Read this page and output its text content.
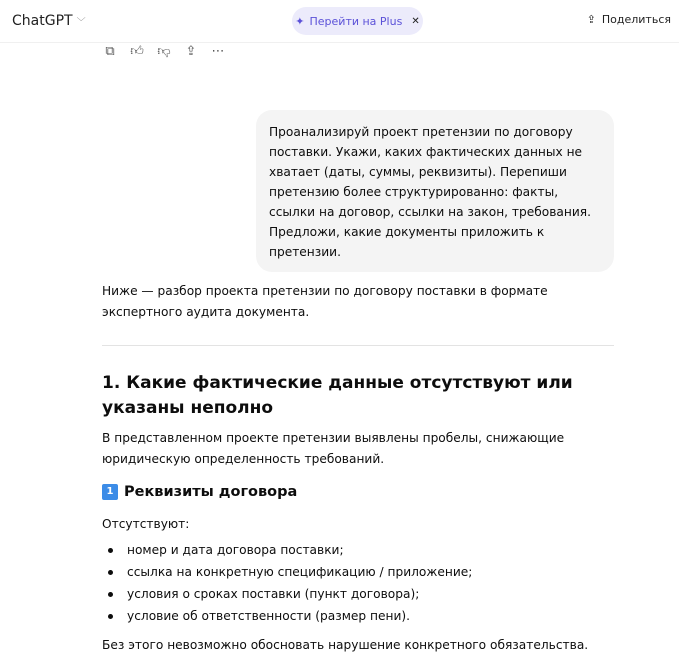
ChatGPT ﹀	✦ Перейти на Plus ✕	⇪ Поделиться
⧉ 👍︎ 👎︎ ⇪ ⋯
Проанализируй проект претензии по договору поставки. Укажи, каких фактических данных не хватает (даты, суммы, реквизиты). Перепиши претензию более структурированно: факты, ссылки на договор, ссылки на закон, требования. Предложи, какие документы приложить к претензии.
Ниже — разбор проекта претензии по договору поставки в формате экспертного аудита документа.
1. Какие фактические данные отсутствуют или указаны неполно
В представленном проекте претензии выявлены пробелы, снижающие юридическую определенность требований.
1 Реквизиты договора
Отсутствуют:
номер и дата договора поставки;
ссылка на конкретную спецификацию / приложение;
условия о сроках поставки (пункт договора);
условие об ответственности (размер пени).
Без этого невозможно обосновать нарушение конкретного обязательства.
